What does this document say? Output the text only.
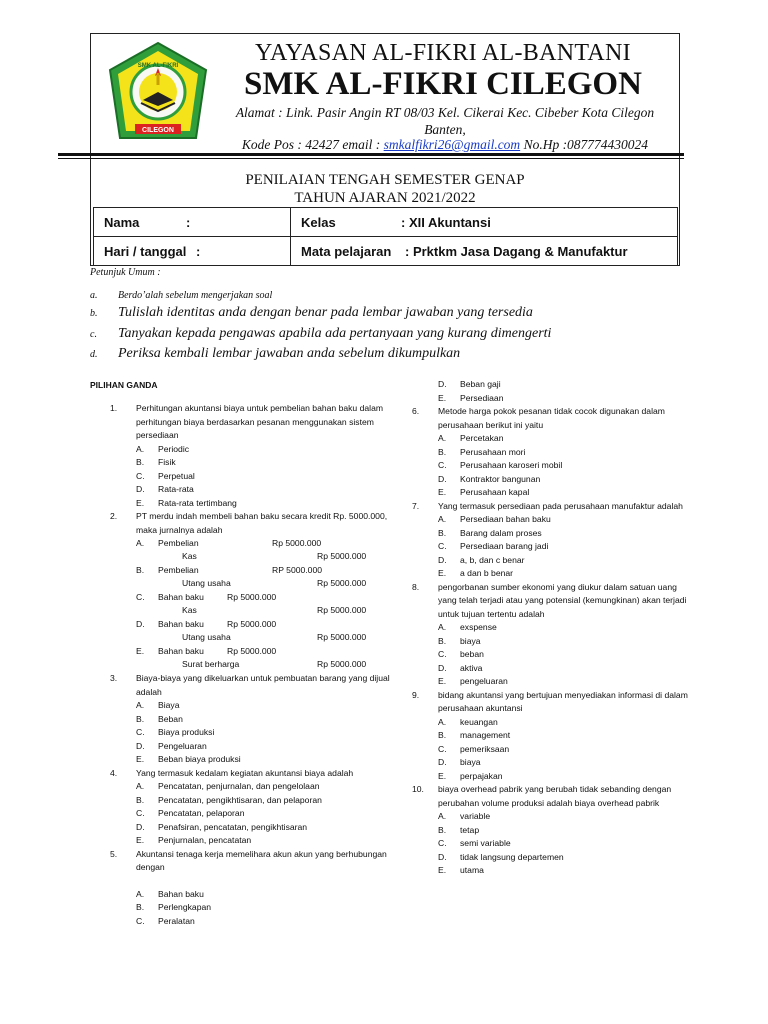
SMK AL-FIKRI
CILEGON
YAYASAN AL-FIKRI AL-BANTANI
SMK AL-FIKRI CILEGON
Alamat : Link. Pasir Angin RT 08/03 Kel. Cikerai Kec. Cibeber Kota Cilegon
Banten,
Kode Pos : 42427 email : smkalfikri26@gmail.com No.Hp :087774430024
PENILAIAN TENGAH SEMESTER GENAP
TAHUN AJARAN 2021/2022
Nama :	Kelas : XII Akuntansi
Hari / tanggal :	Mata pelajaran : Prktkm Jasa Dagang & Manufaktur
Petunjuk Umum :
a. Berdo’alah sebelum mengerjakan soal
b. Tulislah identitas anda dengan benar pada lembar jawaban yang tersedia
c. Tanyakan kepada pengawas apabila ada pertanyaan yang kurang dimengerti
d. Periksa kembali lembar jawaban anda sebelum dikumpulkan
PILIHAN GANDA
1. Perhitungan akuntansi biaya untuk pembelian bahan baku dalam perhitungan biaya berdasarkan pesanan menggunakan sistem persediaan
A. Periodic
B. Fisik
C. Perpetual
D. Rata-rata
E. Rata-rata tertimbang
2. PT merdu indah membeli bahan baku secara kredit Rp. 5000.000, maka jurnalnya adalah
A. Pembelian	Rp 5000.000
Kas	Rp 5000.000
B. Pembelian	RP 5000.000
Utang usaha	Rp 5000.000
C. Bahan baku	Rp 5000.000
Kas	Rp 5000.000
D. Bahan baku	Rp 5000.000
Utang usaha	Rp 5000.000
E. Bahan baku	Rp 5000.000
Surat berharga	Rp 5000.000
3. Biaya-biaya yang dikeluarkan untuk pembuatan barang yang dijual adalah
A. Biaya
B. Beban
C. Biaya produksi
D. Pengeluaran
E. Beban biaya produksi
4. Yang termasuk kedalam kegiatan akuntansi biaya adalah
A. Pencatatan, penjurnalan, dan pengelolaan
B. Pencatatan, pengikhtisaran, dan pelaporan
C. Pencatatan, pelaporan
D. Penafsiran, pencatatan, pengikhtisaran
E. Penjurnalan, pencatatan
5. Akuntansi tenaga kerja memelihara akun akun yang berhubungan dengan
A. Bahan baku
B. Perlengkapan
C. Peralatan
D. Beban gaji
E. Persediaan
6. Metode harga pokok pesanan tidak cocok digunakan dalam perusahaan berikut ini yaitu
A. Percetakan
B. Perusahaan mori
C. Perusahaan karoseri mobil
D. Kontraktor bangunan
E. Perusahaan kapal
7. Yang termasuk persediaan pada perusahaan manufaktur adalah
A. Persediaan bahan baku
B. Barang dalam proses
C. Persediaan barang jadi
D. a, b, dan c benar
E. a dan b benar
8. pengorbanan sumber ekonomi yang diukur dalam satuan uang yang telah terjadi atau yang potensial (kemungkinan) akan terjadi untuk tujuan tertentu adalah
A. exspense
B. biaya
C. beban
D. aktiva
E. pengeluaran
9. bidang akuntansi yang bertujuan menyediakan informasi di dalam perusahaan akuntansi
A. keuangan
B. management
C. pemeriksaan
D. biaya
E. perpajakan
10. biaya overhead pabrik yang berubah tidak sebanding dengan perubahan volume produksi adalah biaya overhead pabrik
A. variable
B. tetap
C. semi variable
D. tidak langsung departemen
E. utama
